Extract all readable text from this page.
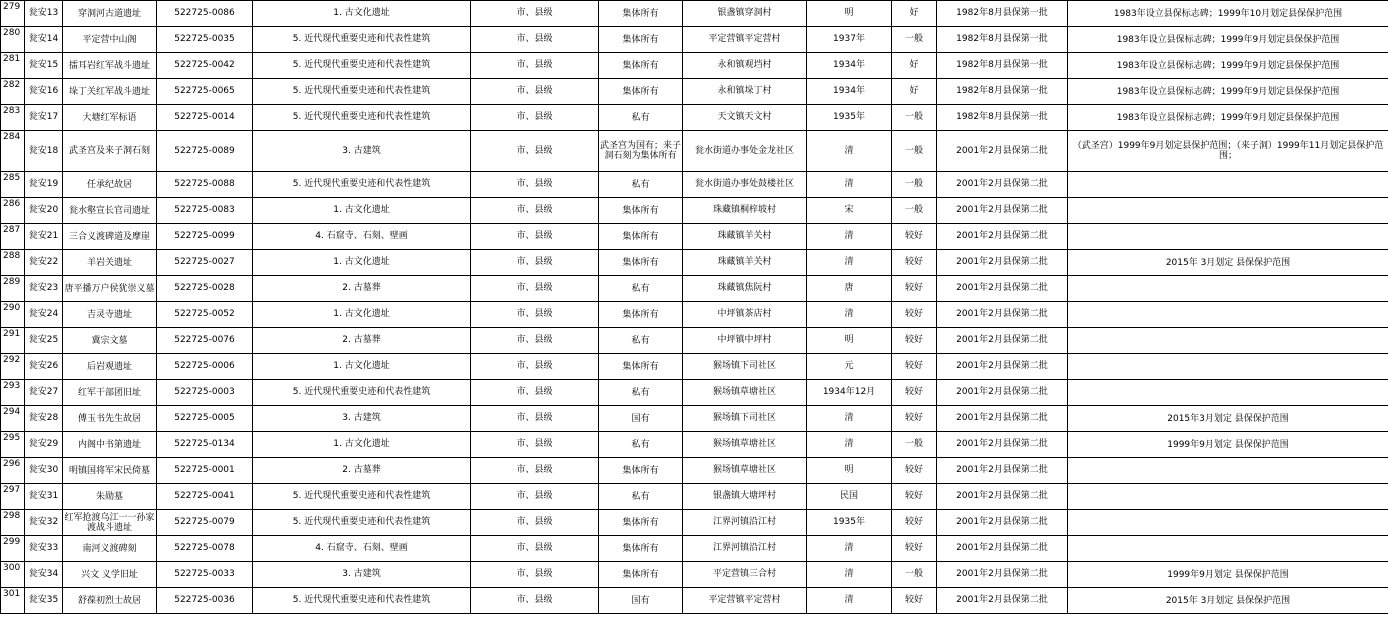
279	瓮安13	穿洞河古道遗址	522725-0086	1. 古文化遗址	市、县级	集体所有	银盏镇穿洞村	明	好	1982年8月县保第一批	1983年设立县保标志碑；1999年10月划定县保保护范围
280	瓮安14	平定营中山阁	522725-0035	5. 近代现代重要史迹和代表性建筑	市、县级	集体所有	平定营镇平定营村	1937年	一般	1982年8月县保第一批	1983年设立县保标志碑；1999年9月划定县保保护范围
281	瓮安15	擂耳岩红军战斗遗址	522725-0042	5. 近代现代重要史迹和代表性建筑	市、县级	集体所有	永和镇观垱村	1934年	好	1982年8月县保第一批	1983年设立县保标志碑；1999年9月划定县保保护范围
282	瓮安16	垛丁关红军战斗遗址	522725-0065	5. 近代现代重要史迹和代表性建筑	市、县级	集体所有	永和镇垛丁村	1934年	好	1982年8月县保第一批	1983年设立县保标志碑；1999年9月划定县保保护范围
283	瓮安17	大塘红军标语	522725-0014	5. 近代现代重要史迹和代表性建筑	市、县级	私有	天文镇天文村	1935年	一般	1982年8月县保第一批	1983年设立县保标志碑；1999年9月划定县保保护范围
284	瓮安18	武圣宫及来子洞石刻	522725-0089	3. 古建筑	市、县级	武圣宫为国有；来子洞石刻为集体所有	瓮水街道办事处金龙社区	清	一般	2001年2月县保第二批	（武圣宫）1999年9月划定县保护范围；（来子洞）1999年11月划定县保护范围；
285	瓮安19	任承纪故居	522725-0088	5. 近代现代重要史迹和代表性建筑	市、县级	私有	瓮水街道办事处鼓楼社区	清	一般	2001年2月县保第二批	
286	瓮安20	瓮水壑宣长官司遗址	522725-0083	1. 古文化遗址	市、县级	集体所有	珠藏镇桐梓坡村	宋	一般	2001年2月县保第二批	
287	瓮安21	三合义渡碑道及摩崖	522725-0099	4. 石窟寺、石刻、壁画	市、县级	集体所有	珠藏镇羊关村	清	较好	2001年2月县保第二批	
288	瓮安22	羊岩关遗址	522725-0027	1. 古文化遗址	市、县级	集体所有	珠藏镇羊关村	清	较好	2001年2月县保第二批	2015年 3月划定 县保保护范围
289	瓮安23	唐平播万户侯犹崇义墓	522725-0028	2. 古墓葬	市、县级	私有	珠藏镇焦阮村	唐	较好	2001年2月县保第二批	
290	瓮安24	吉灵寺遗址	522725-0052	1. 古文化遗址	市、县级	集体所有	中坪镇茶店村	清	较好	2001年2月县保第二批	
291	瓮安25	冀宗文墓	522725-0076	2. 古墓葬	市、县级	私有	中坪镇中坪村	明	较好	2001年2月县保第二批	
292	瓮安26	后岩观遗址	522725-0006	1. 古文化遗址	市、县级	集体所有	猴场镇下司社区	元	较好	2001年2月县保第二批	
293	瓮安27	红军干部团旧址	522725-0003	5. 近代现代重要史迹和代表性建筑	市、县级	私有	猴场镇草塘社区	1934年12月	较好	2001年2月县保第二批	
294	瓮安28	傅玉书先生故居	522725-0005	3. 古建筑	市、县级	国有	猴场镇下司社区	清	较好	2001年2月县保第二批	2015年3月划定 县保保护范围
295	瓮安29	内阁中书第遗址	522725-0134	1. 古文化遗址	市、县级	私有	猴场镇草塘社区	清	一般	2001年2月县保第二批	1999年9月划定 县保保护范围
296	瓮安30	明镇国将军宋民倚墓	522725-0001	2. 古墓葬	市、县级	集体所有	猴场镇草塘社区	明	较好	2001年2月县保第二批	
297	瓮安31	朱勋墓	522725-0041	5. 近代现代重要史迹和代表性建筑	市、县级	私有	银盏镇大塘坪村	民国	较好	2001年2月县保第二批	
298	瓮安32	红军抢渡乌江一一孙家渡战斗遗址	522725-0079	5. 近代现代重要史迹和代表性建筑	市、县级	集体所有	江界河镇沿江村	1935年	较好	2001年2月县保第二批	
299	瓮安33	南河义渡碑刻	522725-0078	4. 石窟寺、石刻、壁画	市、县级	集体所有	江界河镇沿江村	清	较好	2001年2月县保第二批	
300	瓮安34	兴文 义学旧址	522725-0033	3. 古建筑	市、县级	集体所有	平定营镇三合村	清	一般	2001年2月县保第二批	1999年9月划定 县保保护范围
301	瓮安35	舒葆初烈士故居	522725-0036	5. 近代现代重要史迹和代表性建筑	市、县级	国有	平定营镇平定营村	清	较好	2001年2月县保第二批	2015年 3月划定 县保保护范围
